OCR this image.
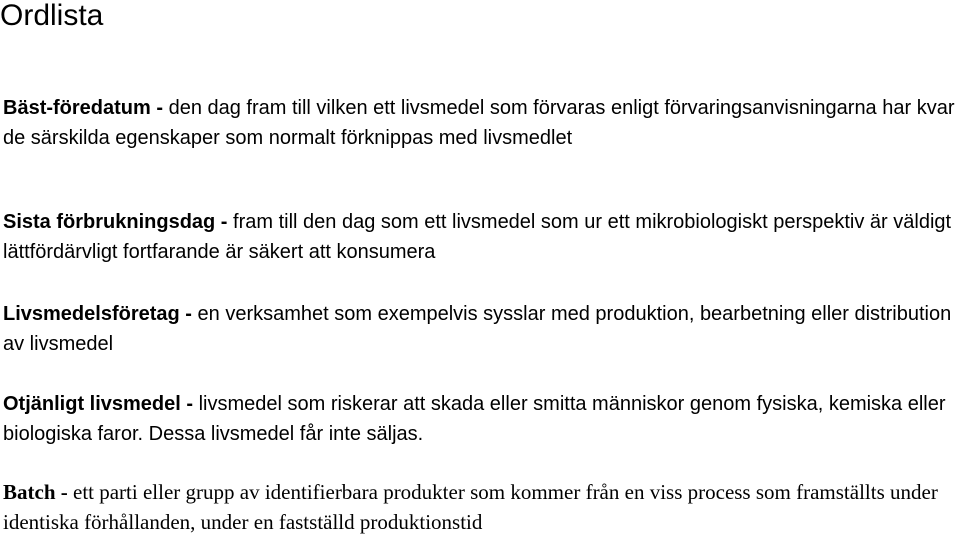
Ordlista

Bäst-föredatum - den dag fram till vilken ett livsmedel som förvaras enligt förvaringsanvisningarna har kvar de särskilda egenskaper som normalt förknippas med livsmedlet

Sista förbrukningsdag - fram till den dag som ett livsmedel som ur ett mikrobiologiskt perspektiv är väldigt lättfördärvligt fortfarande är säkert att konsumera

Livsmedelsföretag - en verksamhet som exempelvis sysslar med produktion, bearbetning eller distribution av livsmedel

Otjänligt livsmedel - livsmedel som riskerar att skada eller smitta människor genom fysiska, kemiska eller biologiska faror. Dessa livsmedel får inte säljas.

Batch - ett parti eller grupp av identifierbara produkter som kommer från en viss process som framställts under identiska förhållanden, under en fastställd produktionstid
